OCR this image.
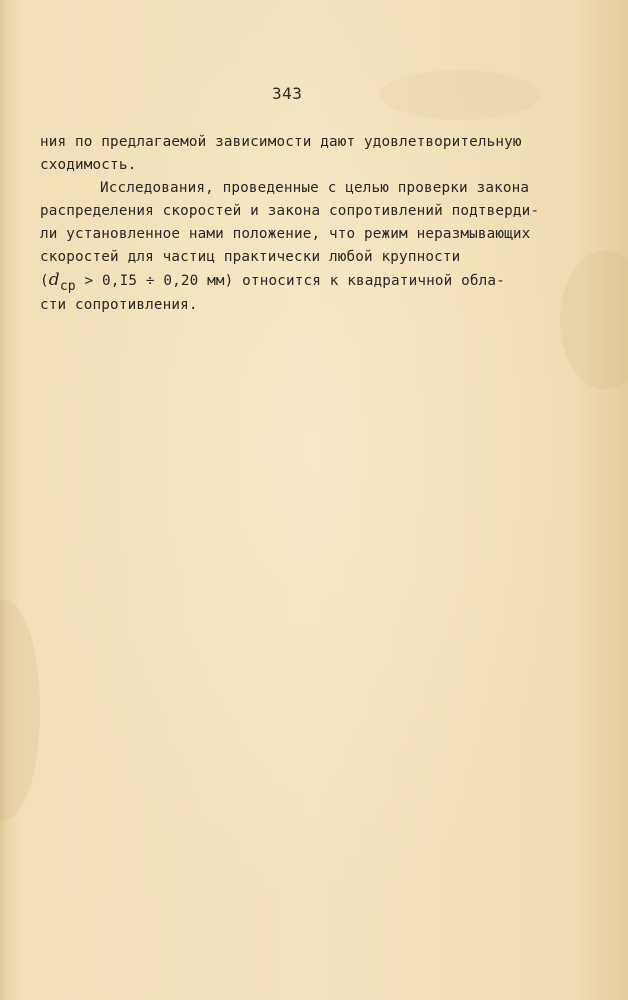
343
ния по предлагаемой зависимости дают удовлетворительную
сходимость.
Исследования, проведенные с целью проверки закона
распределения скоростей и закона сопротивлений подтверди-
ли установленное нами положение, что режим неразмывающих
скоростей для частиц практически любой крупности
(dср > 0,I5 ÷ 0,20 мм) относится к квадратичной обла-
сти сопротивления.
